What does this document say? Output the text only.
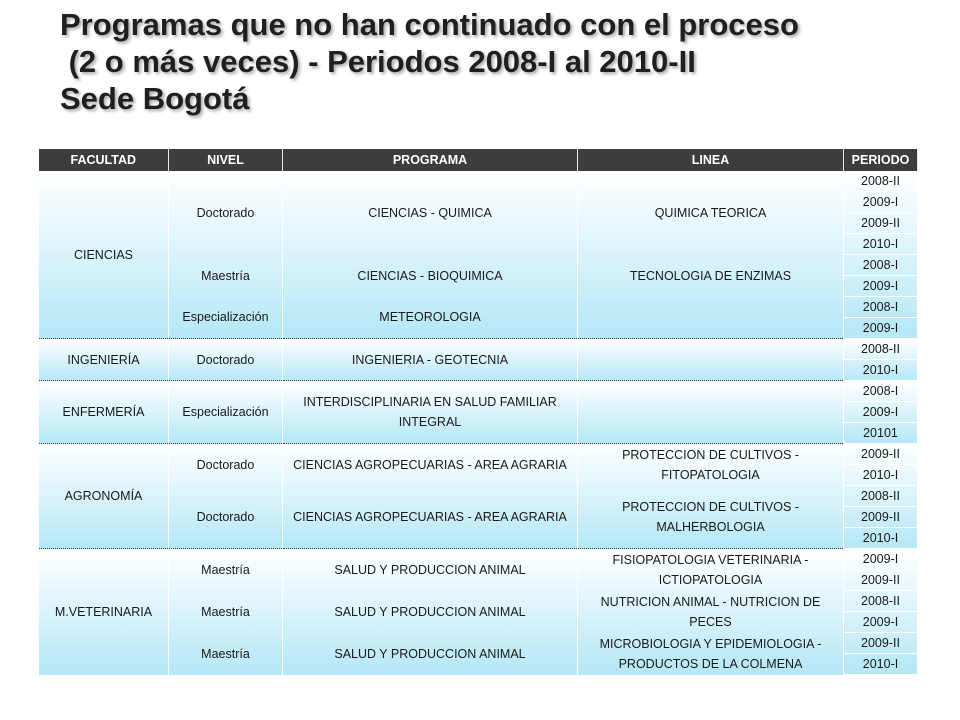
Programas que no han continuado con el proceso
(2 o más veces) - Periodos 2008-I al 2010-II
Sede Bogotá
FACULTAD	NIVEL	PROGRAMA	LINEA	PERIODO
CIENCIAS	Doctorado	CIENCIAS - QUIMICA	QUIMICA TEORICA	2008-II
				2009-I
				2009-II
				2010-I
	Maestría	CIENCIAS - BIOQUIMICA	TECNOLOGIA DE ENZIMAS	2008-I
				2009-I
	Especialización	METEOROLOGIA		2008-I
				2009-I
INGENIERÍA	Doctorado	INGENIERIA - GEOTECNIA		2008-II
				2010-I
ENFERMERÍA	Especialización	INTERDISCIPLINARIA EN SALUD FAMILIAR INTEGRAL		2008-I
				2009-I
				20101
AGRONOMÍA	Doctorado	CIENCIAS AGROPECUARIAS - AREA AGRARIA	PROTECCION DE CULTIVOS - FITOPATOLOGIA	2009-II
				2010-I
	Doctorado	CIENCIAS AGROPECUARIAS - AREA AGRARIA	PROTECCION DE CULTIVOS - MALHERBOLOGIA	2008-II
				2009-II
				2010-I
M.VETERINARIA	Maestría	SALUD Y PRODUCCION ANIMAL	FISIOPATOLOGIA VETERINARIA - ICTIOPATOLOGIA	2009-I
				2009-II
	Maestría	SALUD Y PRODUCCION ANIMAL	NUTRICION ANIMAL - NUTRICION DE PECES	2008-II
				2009-I
	Maestría	SALUD Y PRODUCCION ANIMAL	MICROBIOLOGIA Y EPIDEMIOLOGIA - PRODUCTOS DE LA COLMENA	2009-II
				2010-I
